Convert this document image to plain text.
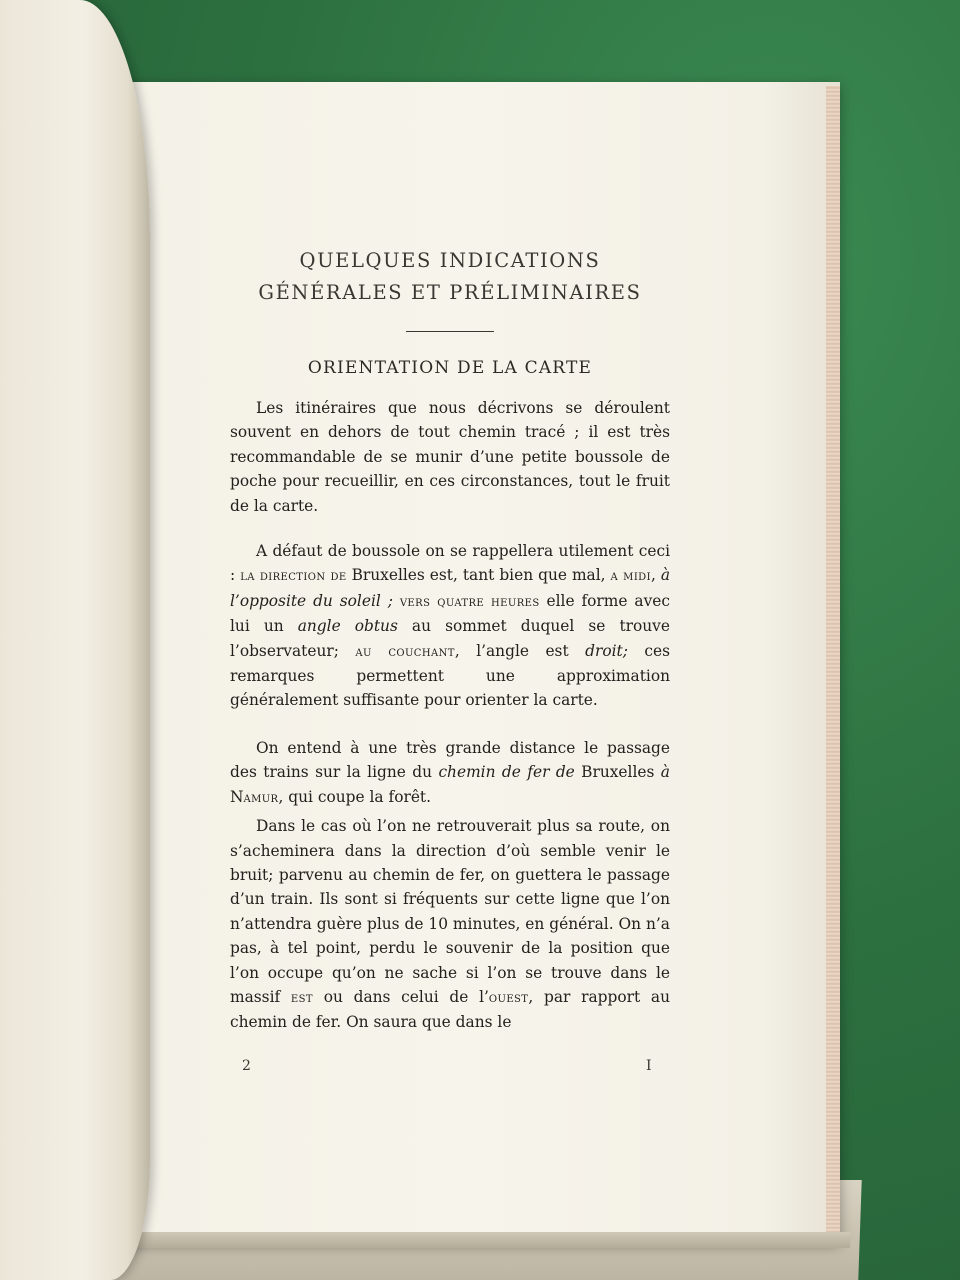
QUELQUES INDICATIONS
GÉNÉRALES ET PRÉLIMINAIRES
ORIENTATION DE LA CARTE

Les itinéraires que nous décrivons se déroulent souvent en dehors de tout chemin tracé ; il est très recommandable de se munir d’une petite boussole de poche pour recueillir, en ces circonstances, tout le fruit de la carte.

A défaut de boussole on se rappellera utilement ceci : la direction de Bruxelles est, tant bien que mal, a midi, à l’opposite du soleil ; vers quatre heures elle forme avec lui un angle obtus au sommet duquel se trouve l’observateur; au couchant, l’angle est droit; ces remarques permettent une approximation généralement suffisante pour orienter la carte.

On entend à une très grande distance le passage des trains sur la ligne du chemin de fer de Bruxelles à Namur, qui coupe la forêt.

Dans le cas où l’on ne retrouverait plus sa route, on s’acheminera dans la direction d’où semble venir le bruit; parvenu au chemin de fer, on guettera le passage d’un train. Ils sont si fréquents sur cette ligne que l’on n’attendra guère plus de 10 minutes, en général. On n’a pas, à tel point, perdu le souvenir de la position que l’on occupe qu’on ne sache si l’on se trouve dans le massif est ou dans celui de l’ouest, par rapport au chemin de fer. On saura que dans le

2	I
